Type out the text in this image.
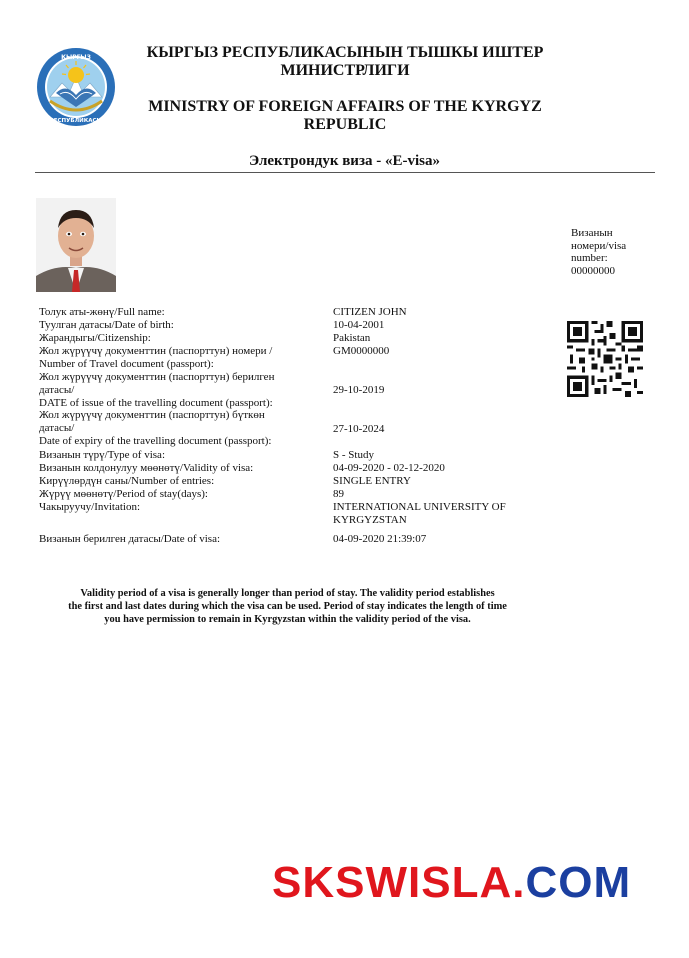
КЫРГЫЗ
РЕСПУБЛИКАСЫ
КЫРГЫЗ РЕСПУБЛИКАСЫНЫН ТЫШКЫ ИШТЕР
МИНИСТРЛИГИ
MINISTRY OF FOREIGN AFFAIRS OF THE KYRGYZ
REPUBLIC
Электрондук виза - «E-visa»
Визанын
номери/visa
number:
00000000
Толук аты-жөнү/Full name:
Туулган датасы/Date of birth:
Жарандыгы/Citizenship:
Жол жүрүүчү документтин (паспорттун) номери /
Number of Travel document (passport):
Жол жүрүүчү документтин (паспорттун) берилген
датасы/
DATE of issue of the travelling document (passport):
Жол жүрүүчү документтин (паспорттун) бүткөн
датасы/
Date of expiry of the travelling document (passport):
Визанын түрү/Type of visa:
Визанын колдонулуу мөөнөтү/Validity of visa:
Кирүүлөрдүн саны/Number of entries:
Жүрүү мөөнөтү/Period of stay(days):
Чакыруучу/Invitation:
Визанын берилген датасы/Date of visa:
CITIZEN JOHN
10-04-2001
Pakistan
GM0000000
29-10-2019
27-10-2024
S - Study
04-09-2020 - 02-12-2020
SINGLE ENTRY
89
INTERNATIONAL UNIVERSITY OF
KYRGYZSTAN
04-09-2020 21:39:07
Validity period of a visa is generally longer than period of stay. The validity period establishes
the first and last dates during which the visa can be used. Period of stay indicates the length of time
you have permission to remain in Kyrgyzstan within the validity period of the visa.
SKSWISLA.COM
